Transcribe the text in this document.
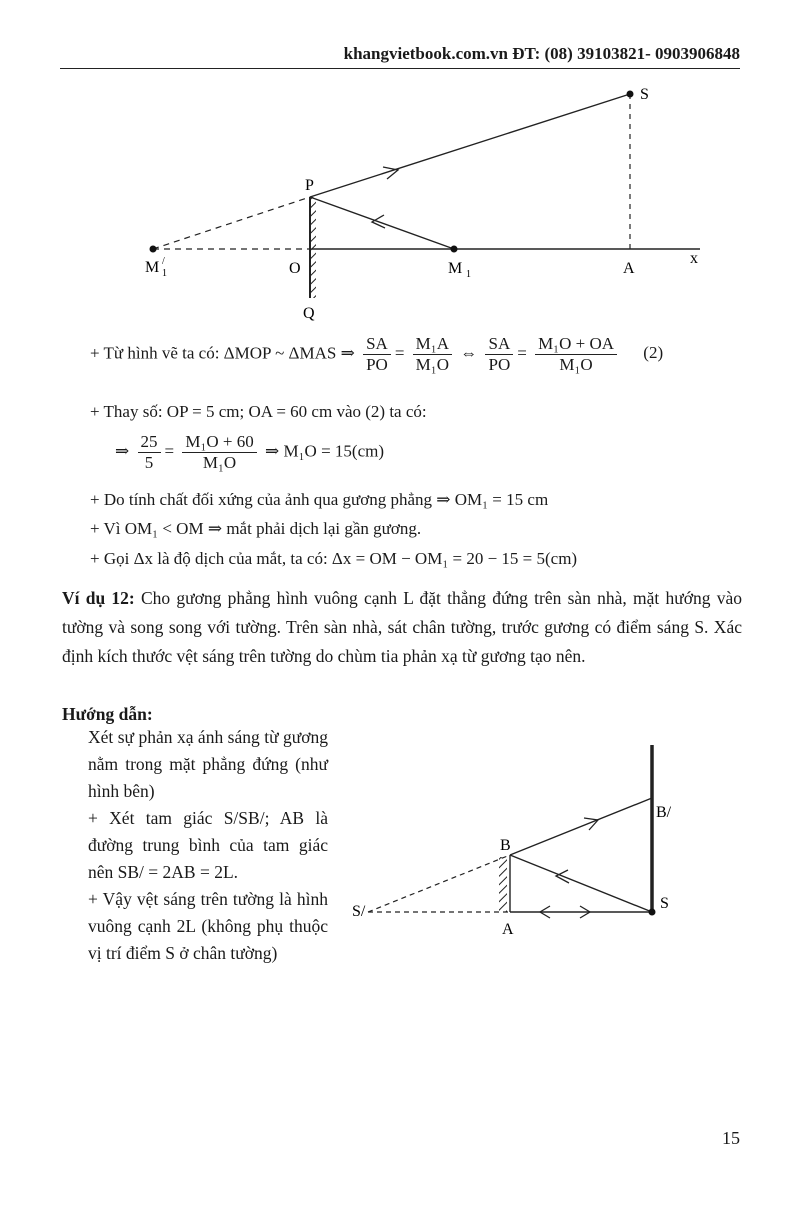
khangvietbook.com.vn ĐT: (08) 39103821- 0903906848
S
P
M 1
/	O	M 1	A
x
Q
B/
B
S/	S
A
+ Từ hình vẽ ta có: ΔMOP ~ ΔMAS ⇒ $\frac{SA}{PO} = \frac{\text{M₁A}}{\text{M₁O}}$ ⇔ $\frac{SA}{PO} = \frac{\text{M₁O + OA}}{\text{M₁O}} (2)$
+ Thay số: OP = 5 cm; OA = 60 cm vào (2) ta có:
⇒ $\frac{25}{5} = \frac{\text{M₁O + 60}}{\text{M₁O}}$ ⇒ M₁O = 15(cm)
+ Do tính chất đối xứng của ảnh qua gương phẳng ⇒ OM₁ = 15 cm
+ Vì OM₁ < OM ⇒ mắt phải dịch lại gần gương.
+ Gọi Δx là độ dịch của mắt, ta có: Δx = OM − OM₁ = 20 − 15 = 5(cm)
Ví dụ 12: Cho gương phẳng hình vuông cạnh L đặt thẳng đứng trên sàn nhà, mặt hướng vào tường và song song với tường. Trên sàn nhà, sát chân tường, trước gương có điểm sáng S. Xác định kích thước vệt sáng trên tường do chùm tia phản xạ từ gương tạo nên.
Hướng dẫn:
Xét sự phản xạ ánh sáng từ gương nằm trong mặt phẳng đứng (như hình bên)
+ Xét tam giác S/SB/; AB là đường trung bình của tam giác nên SB/ = 2AB = 2L.
+ Vậy vệt sáng trên tường là hình vuông cạnh 2L (không phụ thuộc vị trí điểm S ở chân tường)
15
